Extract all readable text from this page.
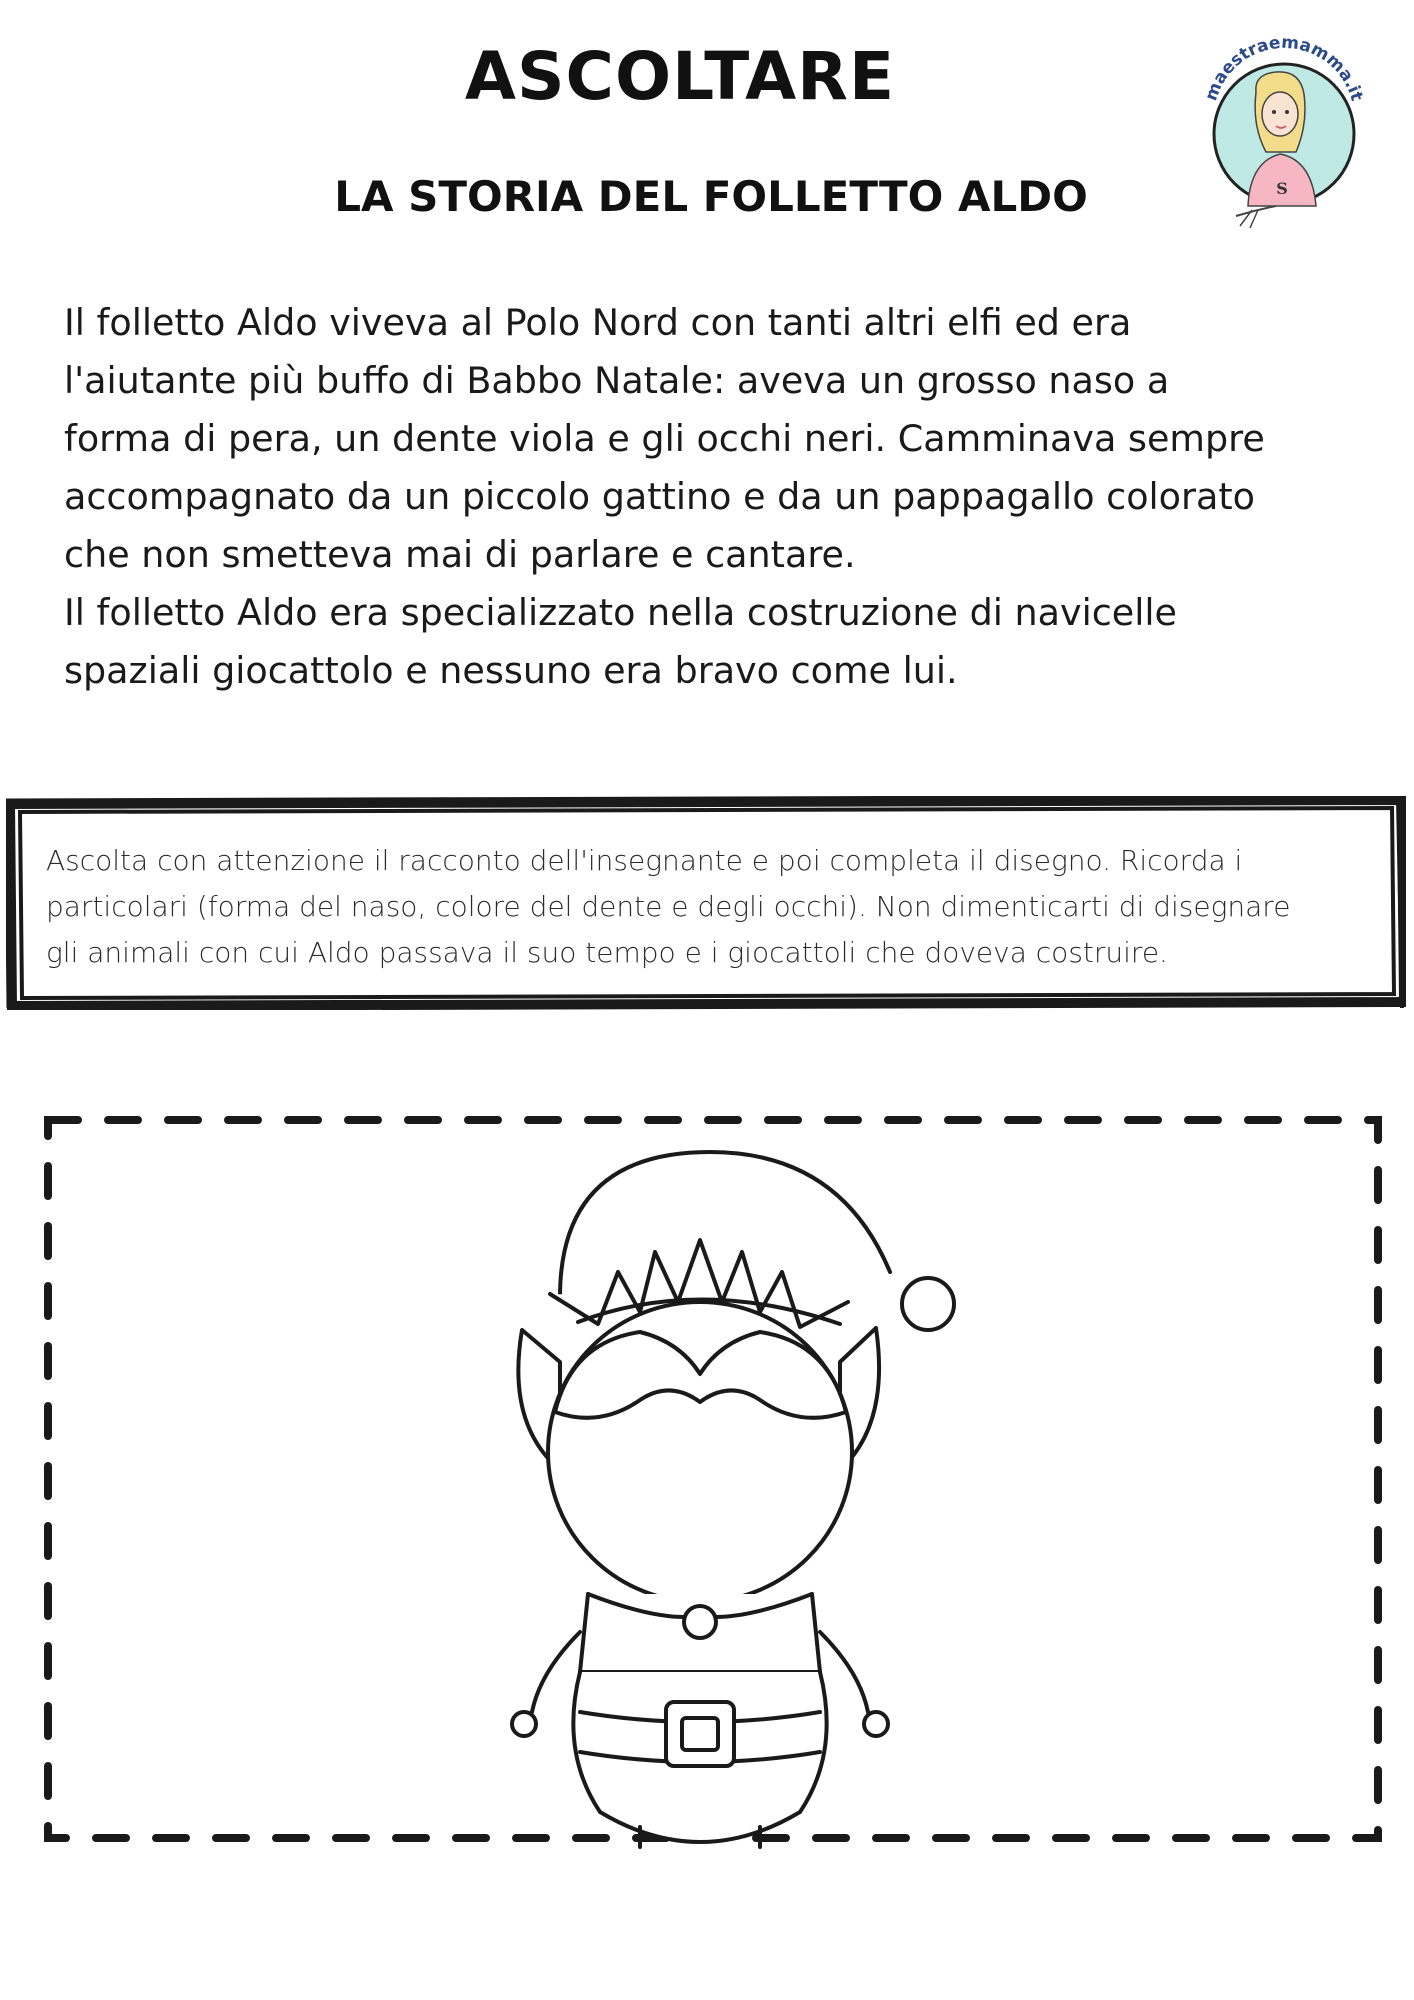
ASCOLTARE
LA STORIA DEL FOLLETTO ALDO
maestraemamma.it
S

Il folletto Aldo viveva al Polo Nord con tanti altri elfi ed era

l'aiutante più buffo di Babbo Natale: aveva un grosso naso a

forma di pera, un dente viola e gli occhi neri. Camminava sempre

accompagnato da un piccolo gattino e da un pappagallo colorato

che non smetteva mai di parlare e cantare.

Il folletto Aldo era specializzato nella costruzione di navicelle

spaziali giocattolo e nessuno era bravo come lui.

Ascolta con attenzione il racconto dell'insegnante e poi completa il disegno. Ricorda i
particolari (forma del naso, colore del dente e degli occhi). Non dimenticarti di disegnare
gli animali con cui Aldo passava il suo tempo e i giocattoli che doveva costruire.
